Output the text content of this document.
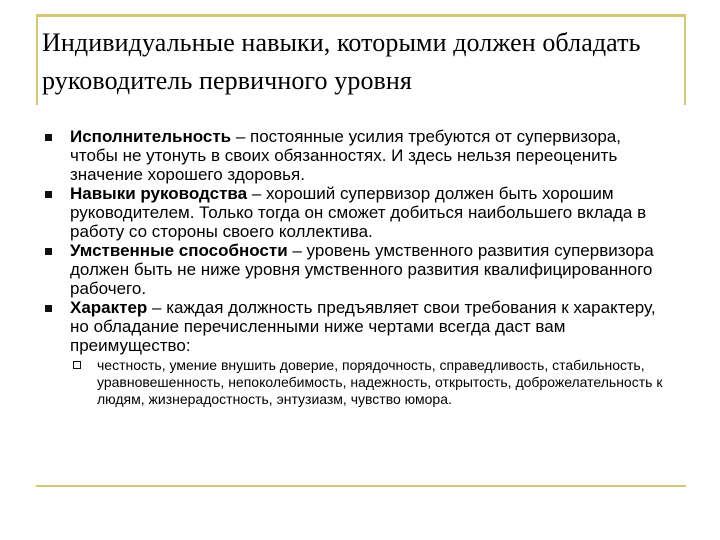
Индивидуальные навыки, которыми должен обладать руководитель первичного уровня
Исполнительность – постоянные усилия требуются от супервизора, чтобы не утонуть в своих обязанностях. И здесь нельзя переоценить значение хорошего здоровья.
Навыки руководства – хороший супервизор должен быть хорошим руководителем. Только тогда он сможет добиться наибольшего вклада в работу со стороны своего коллектива.
Умственные способности – уровень умственного развития супервизора должен быть не ниже уровня умственного развития квалифицированного рабочего.
Характер – каждая должность предъявляет свои требования к характеру, но обладание перечисленными ниже чертами всегда даст вам преимущество:
честность, умение внушить доверие, порядочность, справедливость, стабильность, уравновешенность, непоколебимость, надежность, открытость, доброжелательность к людям, жизнерадостность, энтузиазм, чувство юмора.
